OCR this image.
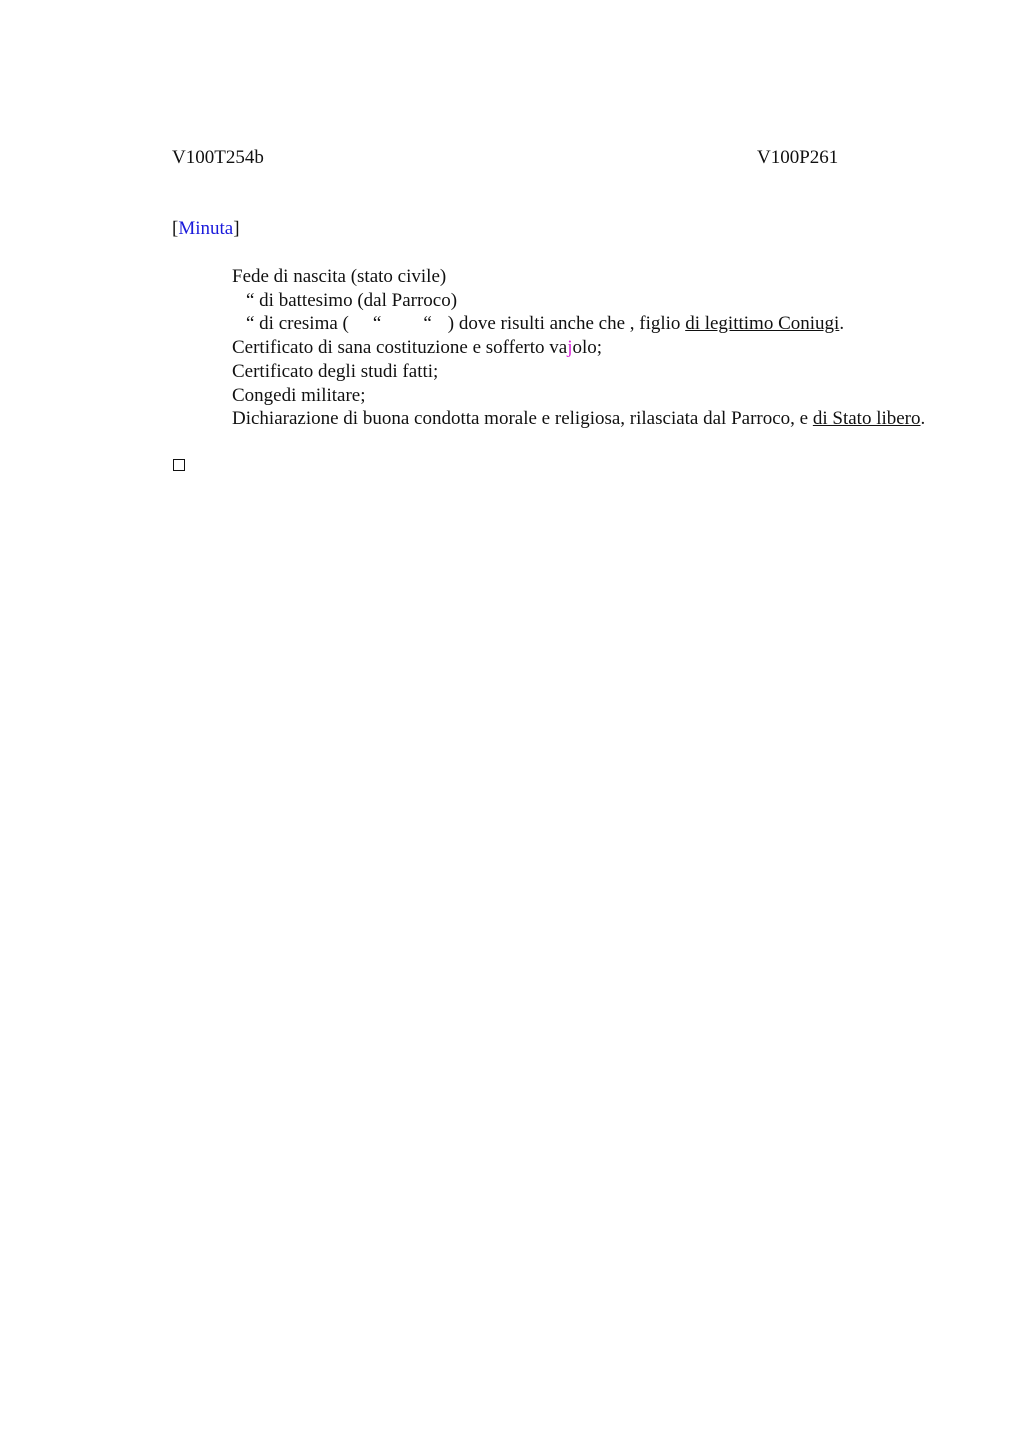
V100T254b	V100P261
[Minuta]
Fede di nascita (stato civile)
“ di battesimo (dal Parroco)
“ di cresima ( “ “ ) dove risulti anche che , figlio di legittimo Coniugi.
Certificato di sana costituzione e sofferto vajolo;
Certificato degli studi fatti;
Congedi militare;
Dichiarazione di buona condotta morale e religiosa, rilasciata dal Parroco, e di Stato libero.
